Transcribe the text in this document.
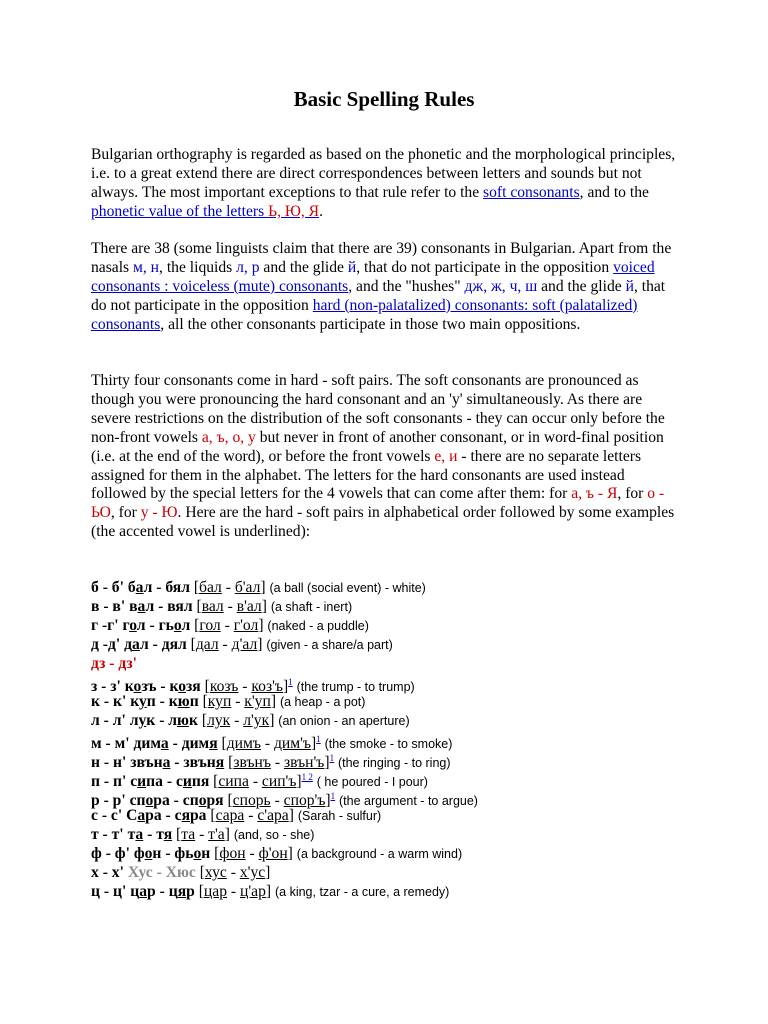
Basic Spelling Rules

Bulgarian orthography is regarded as based on the phonetic and the morphological principles, i.e. to a great extend there are direct correspondences between letters and sounds but not always. The most important exceptions to that rule refer to the soft consonants, and to the phonetic value of the letters Ь, Ю, Я.

There are 38 (some linguists claim that there are 39) consonants in Bulgarian. Apart from the nasals м, н, the liquids л, р and the glide й, that do not participate in the opposition voiced consonants : voiceless (mute) consonants, and the "hushes" дж, ж, ч, ш and the glide й, that do not participate in the opposition hard (non-palatalized) consonants: soft (palatalized) consonants, all the other consonants participate in those two main oppositions.

Thirty four consonants come in hard - soft pairs. The soft consonants are pronounced as though you were pronouncing the hard consonant and an 'y' simultaneously. As there are severe restrictions on the distribution of the soft consonants - they can occur only before the non-front vowels а, ъ, о, у but never in front of another consonant, or in word-final position (i.e. at the end of the word), or before the front vowels е, и - there are no separate letters assigned for them in the alphabet. The letters for the hard consonants are used instead followed by the special letters for the 4 vowels that can come after them: for а, ъ - Я, for о - ЬО, for у - Ю. Here are the hard - soft pairs in alphabetical order followed by some examples (the accented vowel is underlined):

б - б' бал - бял [бал - б'ал] (a ball (social event) - white)
в - в' вал - вял [вал - в'ал] (a shaft - inert)
г -г' гол - гьол [гол - г'ол] (naked - a puddle)
д -д' дал - дял [дал - д'ал] (given - a share/a part)
дз - дз'
з - з' козъ - козя [козъ - коз'ъ]$^1$ (the trump - to trump)
к - к' куп - кюп [куп - к'уп] (a heap - a pot)
л - л' лук - люк [лук - л'ук] (an onion - an aperture)
м - м' дима - димя [димъ - дим'ъ]$^1$ (the smoke - to smoke)
н - н' звъна - звъня [звънъ - звън'ъ]$^1$ (the ringing - to ring)
п - п' сипа - сипя [сипа - сип'ъ]$^{1 2}$ ( he poured - I pour)
р - р' спора - споря [спорь - спор'ъ]$^1$ (the argument - to argue)
с - с' Сара - сяра [сара - с'ара] (Sarah - sulfur)
т - т' та - тя [та - т'а] (and, so - she)
ф - ф' фон - фьон [фон - ф'он] (a background - a warm wind)
х - х' Хус - Хюс [хус - х'ус]
ц - ц' цар - цяр [цар - ц'ар] (a king, tzar - a cure, a remedy)
